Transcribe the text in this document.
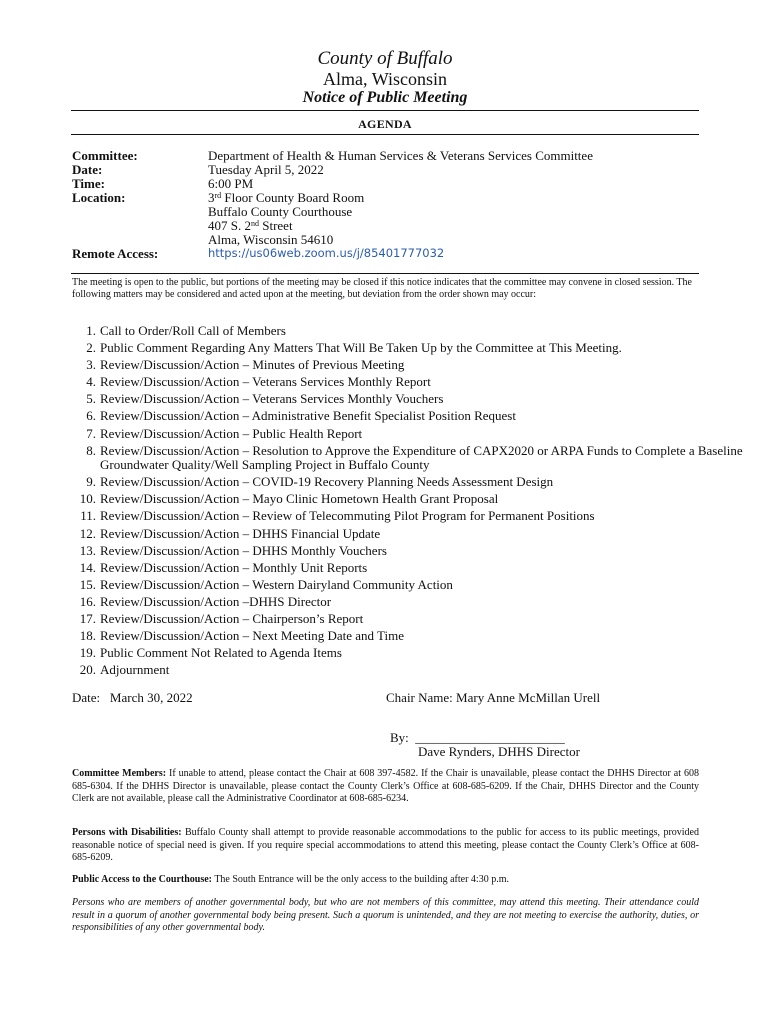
County of Buffalo
Alma, Wisconsin
Notice of Public Meeting
AGENDA
Committee:	Department of Health & Human Services & Veterans Services Committee
Date:	Tuesday April 5, 2022
Time:	6:00 PM
Location:	3rd Floor County Board Room
Buffalo County Courthouse
407 S. 2nd Street
Alma, Wisconsin 54610
Remote Access:	https://us06web.zoom.us/j/85401777032
The meeting is open to the public, but portions of the meeting may be closed if this notice indicates that the committee may convene in closed session. The following matters may be considered and acted upon at the meeting, but deviation from the order shown may occur:
1. Call to Order/Roll Call of Members
2. Public Comment Regarding Any Matters That Will Be Taken Up by the Committee at This Meeting.
3. Review/Discussion/Action – Minutes of Previous Meeting
4. Review/Discussion/Action – Veterans Services Monthly Report
5. Review/Discussion/Action – Veterans Services Monthly Vouchers
6. Review/Discussion/Action – Administrative Benefit Specialist Position Request
7. Review/Discussion/Action – Public Health Report
8. Review/Discussion/Action – Resolution to Approve the Expenditure of CAPX2020 or ARPA Funds to Complete a Baseline Groundwater Quality/Well Sampling Project in Buffalo County
9. Review/Discussion/Action – COVID-19 Recovery Planning Needs Assessment Design
10. Review/Discussion/Action – Mayo Clinic Hometown Health Grant Proposal
11. Review/Discussion/Action – Review of Telecommuting Pilot Program for Permanent Positions
12. Review/Discussion/Action – DHHS Financial Update
13. Review/Discussion/Action – DHHS Monthly Vouchers
14. Review/Discussion/Action – Monthly Unit Reports
15. Review/Discussion/Action – Western Dairyland Community Action
16. Review/Discussion/Action –DHHS Director
17. Review/Discussion/Action – Chairperson’s Report
18. Review/Discussion/Action – Next Meeting Date and Time
19. Public Comment Not Related to Agenda Items
20. Adjournment
Date: March 30, 2022	Chair Name: Mary Anne McMillan Urell
By: _______________________
Dave Rynders, DHHS Director
Committee Members: If unable to attend, please contact the Chair at 608 397-4582. If the Chair is unavailable, please contact the DHHS Director at 608 685-6304. If the DHHS Director is unavailable, please contact the County Clerk’s Office at 608-685-6209. If the Chair, DHHS Director and the County Clerk are not available, please call the Administrative Coordinator at 608-685-6234.
Persons with Disabilities: Buffalo County shall attempt to provide reasonable accommodations to the public for access to its public meetings, provided reasonable notice of special need is given. If you require special accommodations to attend this meeting, please contact the County Clerk’s Office at 608-685-6209.
Public Access to the Courthouse: The South Entrance will be the only access to the building after 4:30 p.m.
Persons who are members of another governmental body, but who are not members of this committee, may attend this meeting. Their attendance could result in a quorum of another governmental body being present. Such a quorum is unintended, and they are not meeting to exercise the authority, duties, or responsibilities of any other governmental body.
